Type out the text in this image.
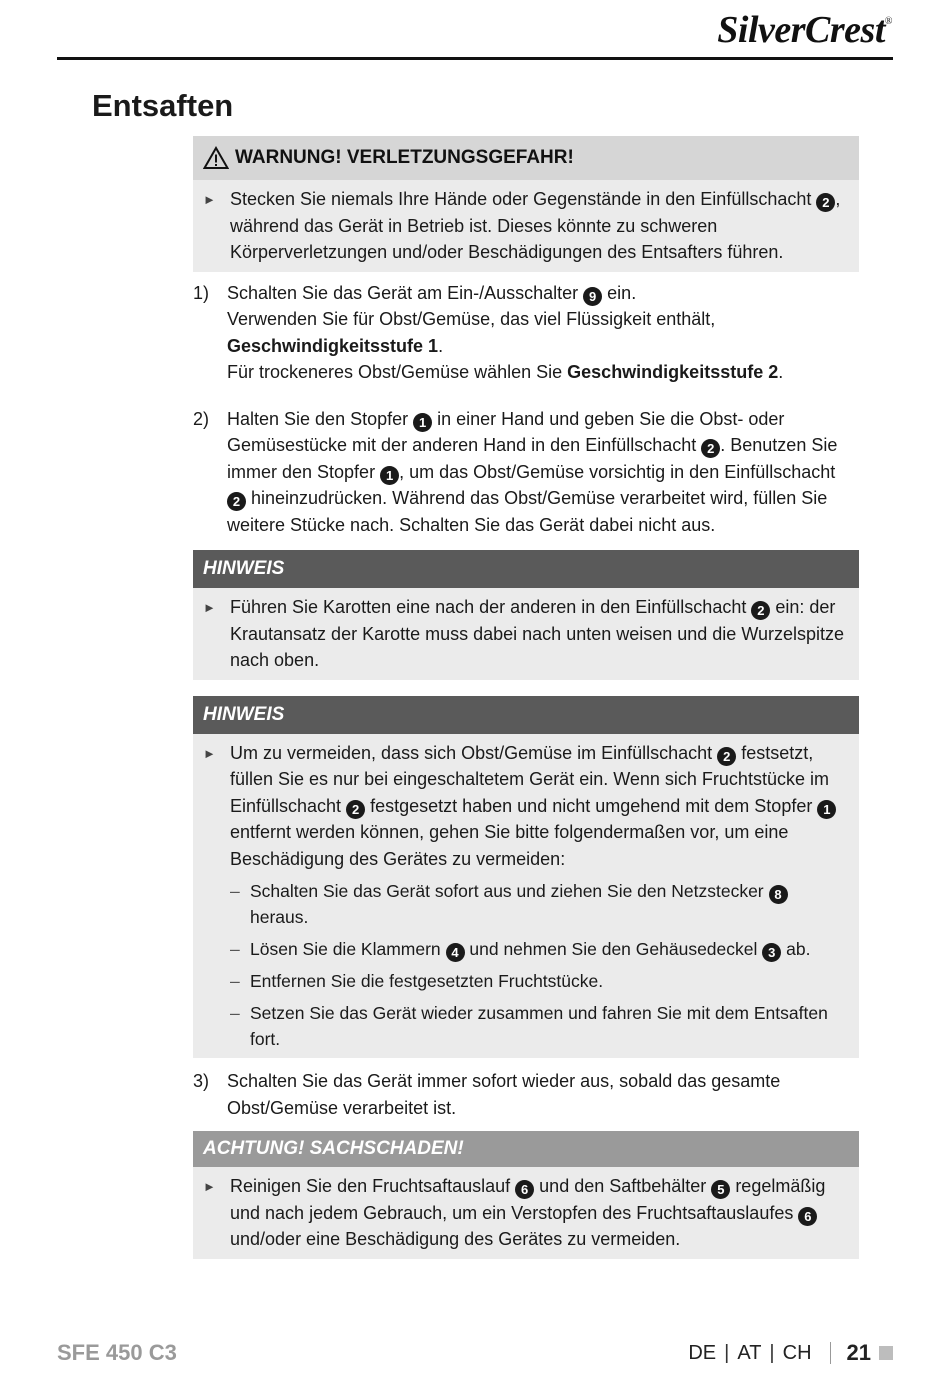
SilverCrest®
Entsaften
WARNUNG! VERLETZUNGSGEFAHR!
► Stecken Sie niemals Ihre Hände oder Gegenstände in den Einfüllschacht 2 , während das Gerät in Betrieb ist. Dieses könnte zu schweren Körperverletzungen und/oder Beschädigungen des Entsafters führen.
1) Schalten Sie das Gerät am Ein-/Ausschalter 9 ein.
Verwenden Sie für Obst/Gemüse, das viel Flüssigkeit enthält, Geschwindigkeitsstufe 1.
Für trockeneres Obst/Gemüse wählen Sie Geschwindigkeitsstufe 2.
2) Halten Sie den Stopfer 1 in einer Hand und geben Sie die Obst- oder Gemüsestücke mit der anderen Hand in den Einfüllschacht 2 . Benutzen Sie immer den Stopfer 1 , um das Obst/Gemüse vorsichtig in den Einfüllschacht 2 hineinzudrücken. Während das Obst/Gemüse verarbeitet wird, füllen Sie weitere Stücke nach. Schalten Sie das Gerät dabei nicht aus.
HINWEIS
► Führen Sie Karotten eine nach der anderen in den Einfüllschacht 2 ein: der Krautansatz der Karotte muss dabei nach unten weisen und die Wurzelspitze nach oben.
HINWEIS
► Um zu vermeiden, dass sich Obst/Gemüse im Einfüllschacht 2 festsetzt, füllen Sie es nur bei eingeschaltetem Gerät ein. Wenn sich Fruchtstücke im Einfüllschacht 2 festgesetzt haben und nicht umgehend mit dem Stopfer 1 entfernt werden können, gehen Sie bitte folgendermaßen vor, um eine Beschädigung des Gerätes zu vermeiden:
– Schalten Sie das Gerät sofort aus und ziehen Sie den Netzstecker 8 heraus.
– Lösen Sie die Klammern 4 und nehmen Sie den Gehäusedeckel 3 ab.
– Entfernen Sie die festgesetzten Fruchtstücke.
– Setzen Sie das Gerät wieder zusammen und fahren Sie mit dem Entsaften fort.
3) Schalten Sie das Gerät immer sofort wieder aus, sobald das gesamte Obst/Gemüse verarbeitet ist.
ACHTUNG! SACHSCHADEN!
► Reinigen Sie den Fruchtsaftauslauf 6 und den Saftbehälter 5 regelmäßig und nach jedem Gebrauch, um ein Verstopfen des Fruchtsaftauslaufes 6 und/oder eine Beschädigung des Gerätes zu vermeiden.
SFE 450 C3	DE | AT | CH 21
